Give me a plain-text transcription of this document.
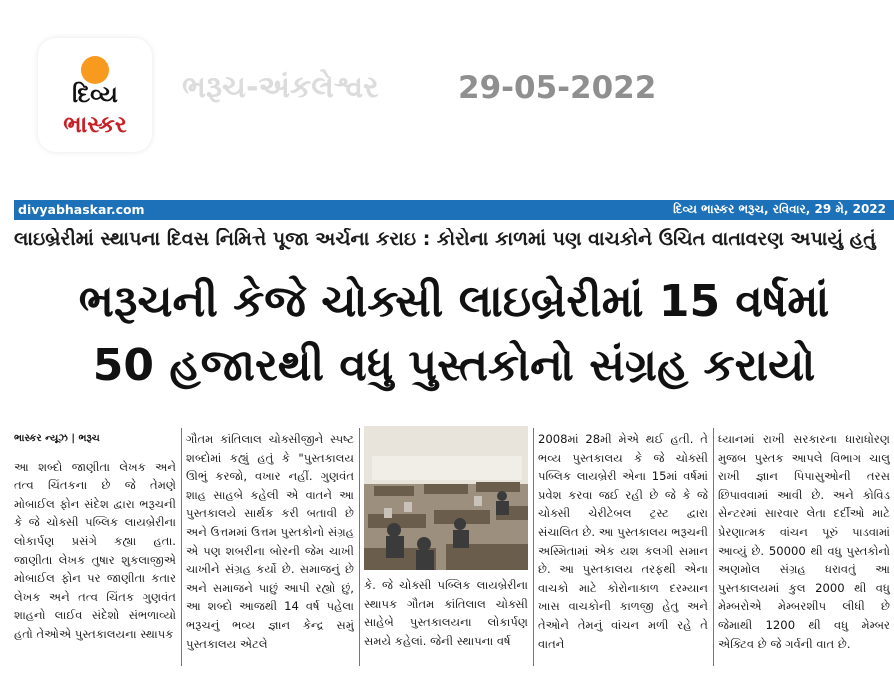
દિવ્ય
ભાસ્કર
ભરૂચ-અંકલેશ્વર	29-05-2022
divyabhaskar.com	દિવ્ય ભાસ્કર ભરૂચ, રવિવાર, 29 મે, 2022
લાઇબ્રેરીમાં સ્થાપના દિવસ નિમિત્તે પૂજા અર્ચના કરાઇ : કોરોના કાળમાં પણ વાચકોને ઉચિત વાતાવરણ અપાયું હતું
ભરૂચની કેજે ચોક્સી લાઇબ્રેરીમાં 15 વર્ષમાં
50 હજારથી વધુ પુસ્તકોનો સંગ્રહ કરાયો

ભાસ્કર ન્યૂઝ | ભરૂચ

આ શબ્દો જાણીતા લેખક અને તત્વ ચિંતકના છે જે તેમણે મોબાઈલ ફોન સંદેશ દ્વારા ભરૂચની કે જે ચોક્સી પબ્લિક લાયબ્રેરીના લોકાર્પણ પ્રસંગે કહ્યા હતા. જાણીતા લેખક તુષાર શુકલાજીએ મોબાઈલ ફોન પર જાણીતા કતાર લેખક અને તત્વ ચિંતક ગુણવંત શાહનો લાઈવ સંદેશો સંભળાવ્યો હતો તેઓએ પુસ્તકાલયના સ્થાપક

ગૌતમ કાંતિલાલ ચોક્સીજીને સ્પષ્ટ શબ્દોમાં કહ્યું હતું કે "પુસ્તકાલય ઊભું કરજો, વખાર નહીં. ગુણવંત શાહ સાહબે કહેલી એ વાતને આ પુસ્તકાલયે સાર્થક કરી બતાવી છે અને ઉત્તમમાં ઉત્તમ પુસ્તકોનો સંગ્રહ એ પણ શબરીના બોરની જેમ ચાખી ચાખીને સંગ્રહ કર્યો છે. સમાજનું છે અને સમાજને પાછું આપી રહ્યો છું, આ શબ્દો આજથી 14 વર્ષ પહેલા ભરૂચનું ભવ્ય જ્ઞાન કેન્દ્ર સમું પુસ્તકાલય એટલે

કે. જે ચોક્સી પબ્લિક લાયબ્રેરીના સ્થાપક ગૌતમ કાંતિલાલ ચોક્સી સાહેબે પુસ્તકાલયના લોકાર્પણ સમયે કહેલાં. જેની સ્થાપના વર્ષ

2008માં 28મી મેએ થઈ હતી. તે ભવ્ય પુસ્તકાલય કે જે ચોક્સી પબ્લિક લાયબ્રેરી એના 15માં વર્ષમાં પ્રવેશ કરવા જઈ રહી છે જે કે જે ચોક્સી ચેરીટેબલ ટ્રસ્ટ દ્વારા સંચાલિત છે. આ પુસ્તકાલય ભરૂચની અસ્મિતામાં એક યશ કલગી સમાન છે. આ પુસ્તકાલય તરફથી એના વાચકો માટે કોરોનાકાળ દરમ્યાન ખાસ વાચકોની કાળજી હેતુ અને તેઓને તેમનું વાંચન મળી રહે તે વાતને

ધ્યાનમાં રાખી સરકારના ધારાધોરણ મુજબ પુસ્તક આપલે વિભાગ ચાલુ રાખી જ્ઞાન પિપાસુઓની તરસ છિપાવવામાં આવી છે. અને કોવિડ સેન્ટરમાં સારવાર લેતા દર્દીઓ માટે પ્રેરણાત્મક વાંચન પૂરું પાડવામાં આવ્યું છે. 50000 થી વધુ પુસ્તકોનો અણમોલ સંગ્રહ ધરાવતું આ પુસ્તકાલયમાં કુલ 2000 થી વધુ મેમ્બરોએ મેમ્બરશીપ લીધી છે જેમાથી 1200 થી વધુ મેમ્બર એક્ટિવ છે જે ગર્વની વાત છે.
